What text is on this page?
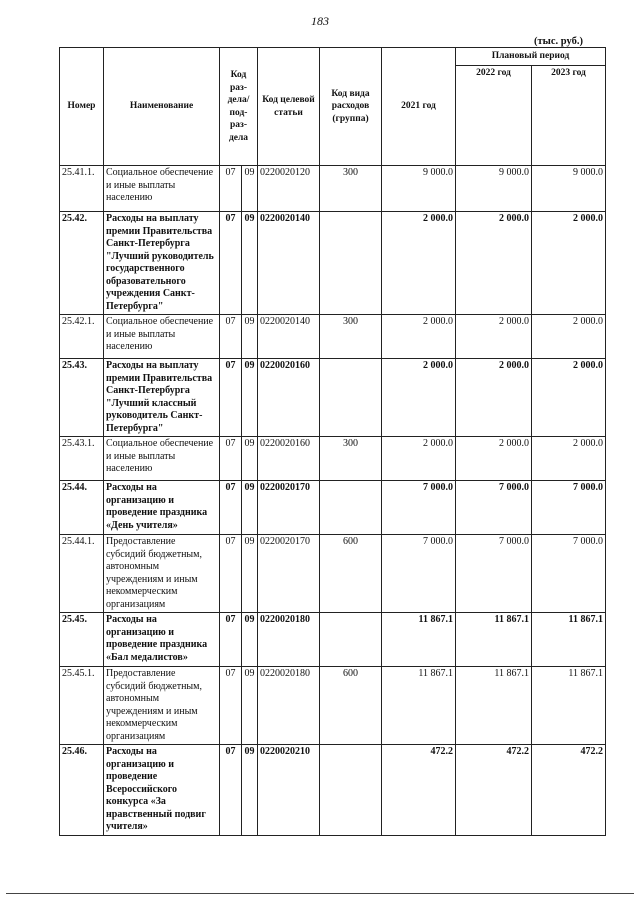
183
(тыс. руб.)
Номер	Наименование	Код раз-дела/ под-раз-дела		Код целевой статьи	Код вида расходов (группа)	2021 год	Плановый период	
							2022 год	2023 год
25.41.1.	Социальное обеспечение и иные выплаты населению	07	09	0220020120	300	9 000.0	9 000.0	9 000.0
25.42.	Расходы на выплату премии Правительства Санкт-Петербурга "Лучший руководитель государственного образовательного учреждения Санкт-Петербурга"	07	09	0220020140		2 000.0	2 000.0	2 000.0
25.42.1.	Социальное обеспечение и иные выплаты населению	07	09	0220020140	300	2 000.0	2 000.0	2 000.0
25.43.	Расходы на выплату премии Правительства Санкт-Петербурга "Лучший классный руководитель Санкт-Петербурга"	07	09	0220020160		2 000.0	2 000.0	2 000.0
25.43.1.	Социальное обеспечение и иные выплаты населению	07	09	0220020160	300	2 000.0	2 000.0	2 000.0
25.44.	Расходы на организацию и проведение праздника «День учителя»	07	09	0220020170		7 000.0	7 000.0	7 000.0
25.44.1.	Предоставление субсидий бюджетным, автономным учреждениям и иным некоммерческим организациям	07	09	0220020170	600	7 000.0	7 000.0	7 000.0
25.45.	Расходы на организацию и проведение праздника «Бал медалистов»	07	09	0220020180		11 867.1	11 867.1	11 867.1
25.45.1.	Предоставление субсидий бюджетным, автономным учреждениям и иным некоммерческим организациям	07	09	0220020180	600	11 867.1	11 867.1	11 867.1
25.46.	Расходы на организацию и проведение Всероссийского конкурса «За нравственный подвиг учителя»	07	09	0220020210		472.2	472.2	472.2
